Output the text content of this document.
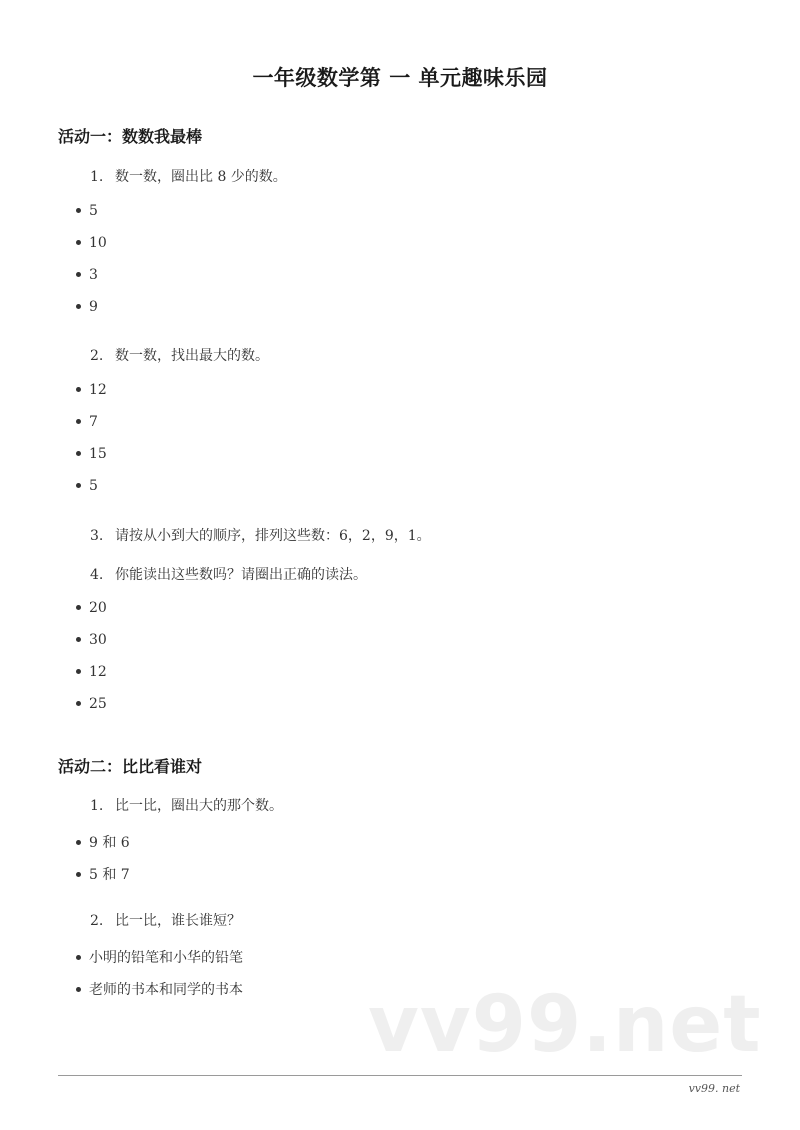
一年级数学第 一 单元趣味乐园
活动一：数数我最棒
1. 数一数，圈出比 8 少的数。
5
10
3
9
2. 数一数，找出最大的数。
12
7
15
5
3. 请按从小到大的顺序，排列这些数：6，2，9，1。
4. 你能读出这些数吗？请圈出正确的读法。
20
30
12
25
活动二：比比看谁对
1. 比一比，圈出大的那个数。
9 和 6
5 和 7
2. 比一比，谁长谁短？
小明的铅笔和小华的铅笔
老师的书本和同学的书本 vv99.net
vv99. net
